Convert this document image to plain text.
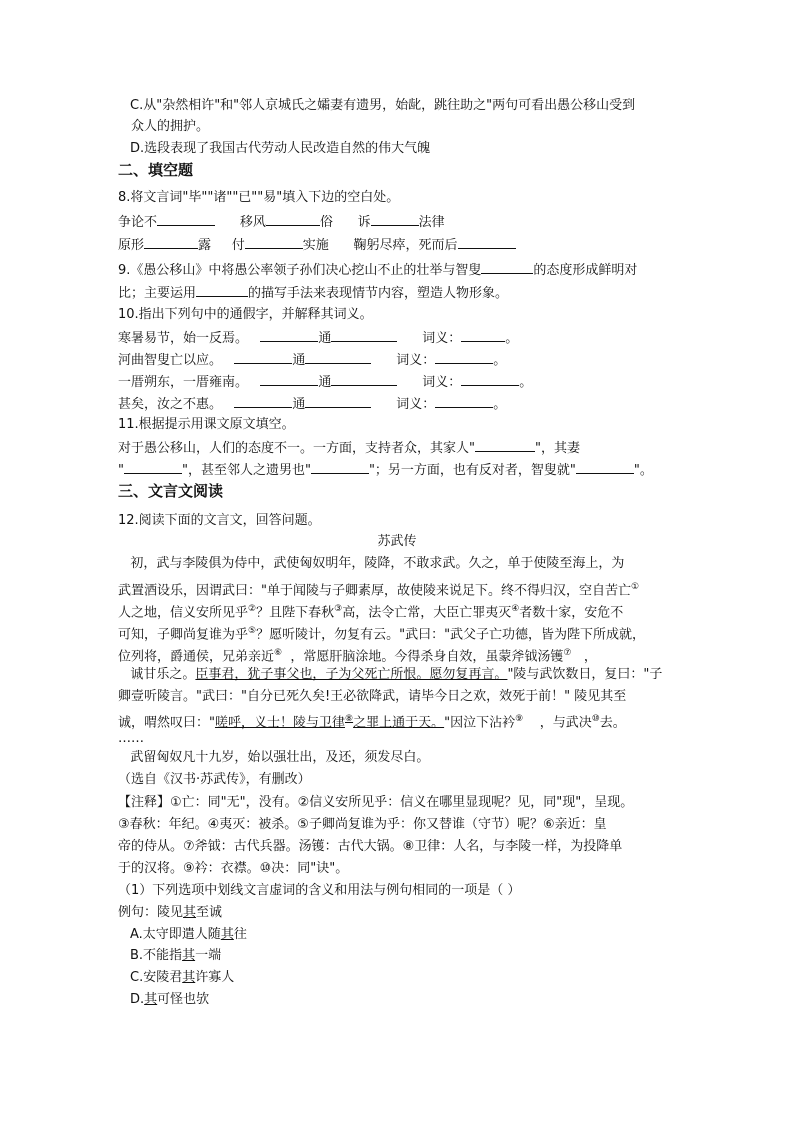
C.从"杂然相许"和"邻人京城氏之孀妻有遗男，始龀，跳往助之"两句可看出愚公移山受到
众人的拥护。
D.选段表现了我国古代劳动人民改造自然的伟大气魄
二、填空题
8.将文言词"毕""诸""已""易"填入下边的空白处。
争论不	移风	俗 诉	法律
原形	露 付	实施 鞠躬尽瘁，死而后
9.《愚公移山》中将愚公率领子孙们决心挖山不止的壮举与智叟	的态度形成鲜明对
比；主要运用	的描写手法来表现情节内容，塑造人物形象。
10.指出下列句中的通假字，并解释其词义。
寒暑易节，始一反焉。	通	词义：	。
河曲智叟亡以应。	通	词义：	。
一厝朔东，一厝雍南。	通	词义：	。
甚矣，汝之不惠。	通	词义：	。
11.根据提示用课文原文填空。
对于愚公移山，人们的态度不一。一方面，支持者众，其家人"	"，其妻
"	"，甚至邻人之遗男也"	"；另一方面，也有反对者，智叟就"	"。
三、文言文阅读
12.阅读下面的文言文，回答问题。
苏武传
初，武与李陵俱为侍中，武使匈奴明年，陵降，不敢求武。久之，单于使陵至海上，为
武置酒设乐，因谓武曰："单于闻陵与子卿素厚，故使陵来说足下。终不得归汉，空自苦亡①
人之地，信义安所见乎②？且陛下春秋③高，法令亡常，大臣亡罪夷灭④者数十家，安危不
可知，子卿尚复谁为乎⑤？愿听陵计，勿复有云。"武曰："武父子亡功德，皆为陛下所成就，
位列将，爵通侯，兄弟亲近⑥ ，常愿肝脑涂地。今得杀身自效，虽蒙斧钺汤镬⑦ ，
诚甘乐之。臣事君，犹子事父也，子为父死亡所恨。愿勿复再言。"陵与武饮数日，复曰："子
卿壹听陵言。"武曰："自分已死久矣!王必欲降武，请毕今日之欢，效死于前！" 陵见其至
诚，喟然叹曰："嗟呼，义士！陵与卫律⑧之罪上通于天。"因泣下沾衿⑨ ，与武决⑩去。
……
武留匈奴凡十九岁，始以强壮出，及还，须发尽白。
（选自《汉书·苏武传》，有删改）
【注释】①亡：同"无"，没有。②信义安所见乎：信义在哪里显现呢？见，同"现"，呈现。
③春秋：年纪。④夷灭：被杀。⑤子卿尚复谁为乎：你又替谁（守节）呢？⑥亲近：皇
帝的侍从。⑦斧钺：古代兵器。汤镬：古代大锅。⑧卫律：人名，与李陵一样，为投降单
于的汉将。⑨衿：衣襟。⑩决：同"诀"。
（1）下列选项中划线文言虚词的含义和用法与例句相同的一项是（ ）
例句：陵见其至诚
A.太守即遣人随其往
B.不能指其一端
C.安陵君其许寡人
D.其可怪也欤
